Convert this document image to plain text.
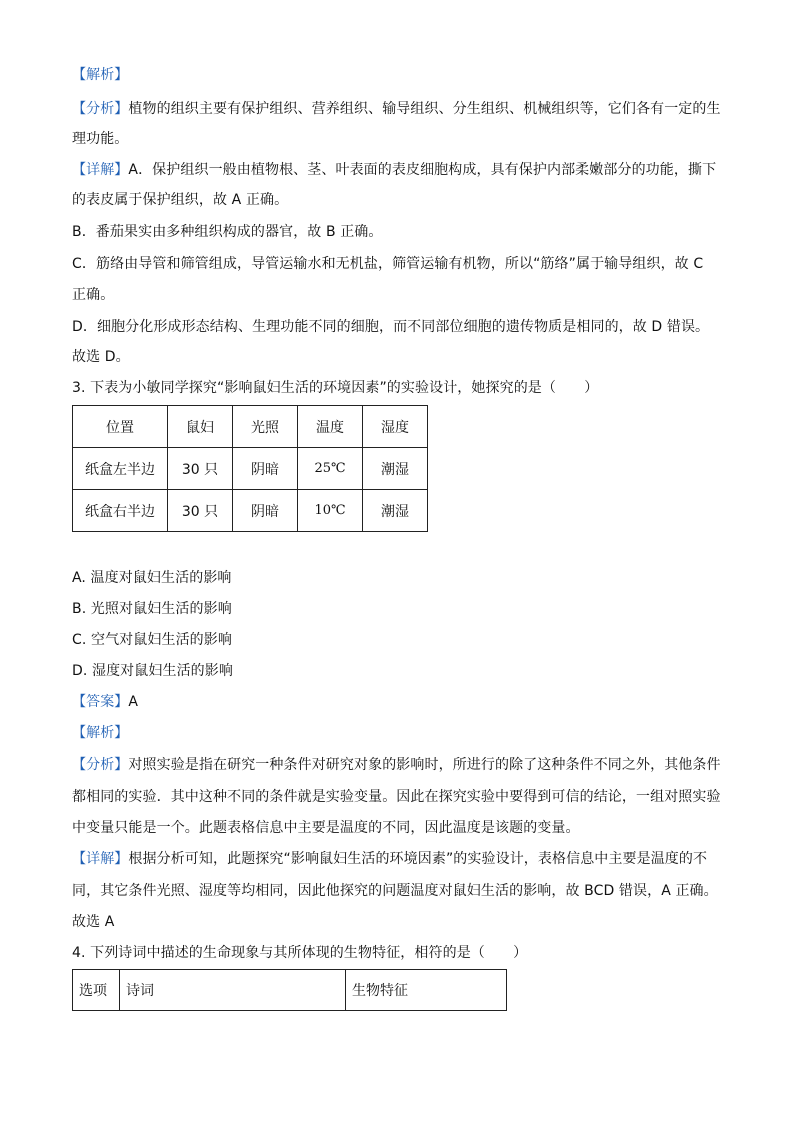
【解析】
【分析】植物的组织主要有保护组织、营养组织、输导组织、分生组织、机械组织等，它们各有一定的生
理功能。
【详解】A．保护组织一般由植物根、茎、叶表面的表皮细胞构成，具有保护内部柔嫩部分的功能，撕下
的表皮属于保护组织，故 A 正确。
B．番茄果实由多种组织构成的器官，故 B 正确。
C．筋络由导管和筛管组成，导管运输水和无机盐，筛管运输有机物，所以“筋络”属于输导组织，故 C
正确。
D．细胞分化形成形态结构、生理功能不同的细胞，而不同部位细胞的遗传物质是相同的，故 D 错误。
故选 D。
3. 下表为小敏同学探究“影响鼠妇生活的环境因素”的实验设计，她探究的是（　　）
位置	鼠妇	光照	温度	湿度
纸盒左半边	30 只	阴暗	25℃	潮湿
纸盒右半边	30 只	阴暗	10℃	潮湿
A. 温度对鼠妇生活的影响
B. 光照对鼠妇生活的影响
C. 空气对鼠妇生活的影响
D. 湿度对鼠妇生活的影响
【答案】A
【解析】
【分析】对照实验是指在研究一种条件对研究对象的影响时，所进行的除了这种条件不同之外，其他条件
都相同的实验．其中这种不同的条件就是实验变量。因此在探究实验中要得到可信的结论，一组对照实验
中变量只能是一个。此题表格信息中主要是温度的不同，因此温度是该题的变量。
【详解】根据分析可知，此题探究“影响鼠妇生活的环境因素”的实验设计，表格信息中主要是温度的不
同，其它条件光照、湿度等均相同，因此他探究的问题温度对鼠妇生活的影响，故 BCD 错误，A 正确。
故选 A
4. 下列诗词中描述的生命现象与其所体现的生物特征，相符的是（　　）
选项	诗词	生物特征
